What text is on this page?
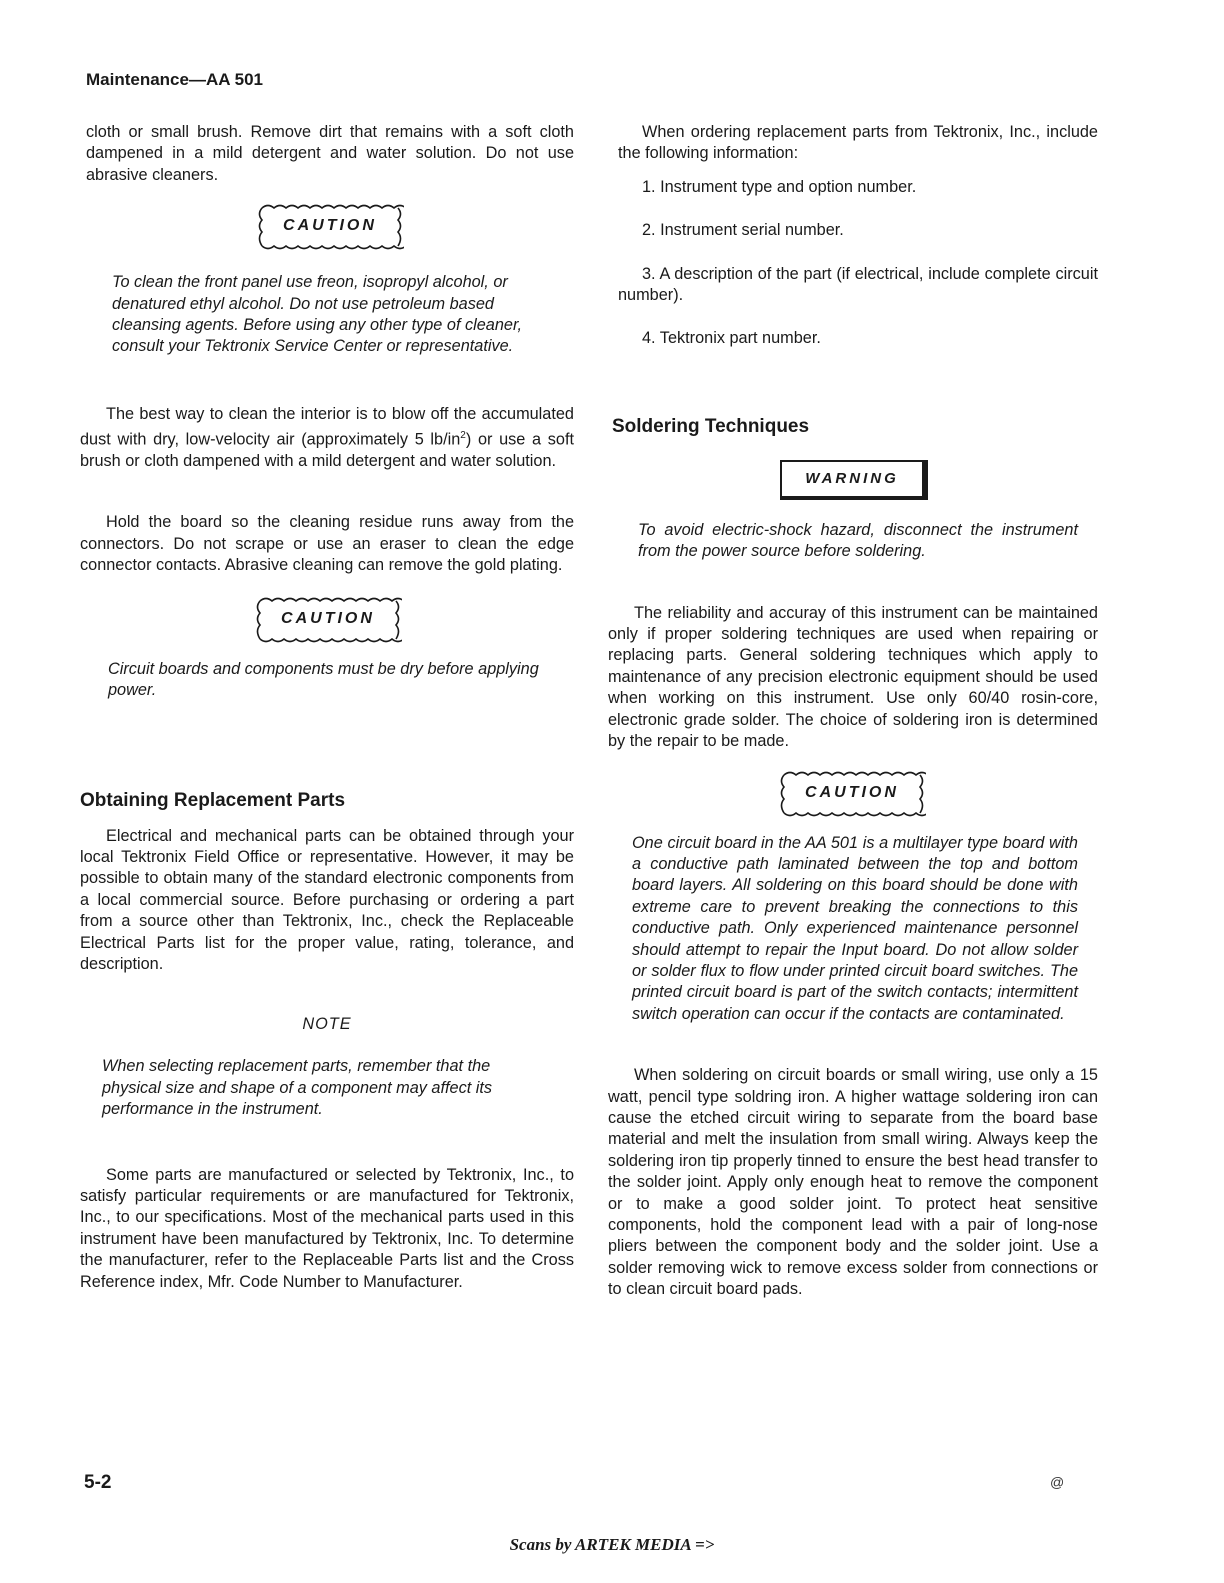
Maintenance—AA 501

cloth or small brush. Remove dirt that remains with a soft cloth dampened in a mild detergent and water solution. Do not use abrasive cleaners.

CAUTION

To clean the front panel use freon, isopropyl alcohol, or denatured ethyl alcohol. Do not use petroleum based cleansing agents. Before using any other type of cleaner, consult your Tektronix Service Center or representative.

The best way to clean the interior is to blow off the accumulated dust with dry, low-velocity air (approximately 5 $lb/in^2$) or use a soft brush or cloth dampened with a mild detergent and water solution.

Hold the board so the cleaning residue runs away from the connectors. Do not scrape or use an eraser to clean the edge connector contacts. Abrasive cleaning can remove the gold plating.

CAUTION

Circuit boards and components must be dry before applying power.

Obtaining Replacement Parts

Electrical and mechanical parts can be obtained through your local Tektronix Field Office or representative. However, it may be possible to obtain many of the standard electronic components from a local commercial source. Before purchasing or ordering a part from a source other than Tektronix, Inc., check the Replaceable Electrical Parts list for the proper value, rating, tolerance, and description.

NOTE

When selecting replacement parts, remember that the physical size and shape of a component may affect its performance in the instrument.

Some parts are manufactured or selected by Tektronix, Inc., to satisfy particular requirements or are manufactured for Tektronix, Inc., to our specifications. Most of the mechanical parts used in this instrument have been manufactured by Tektronix, Inc. To determine the manufacturer, refer to the Replaceable Parts list and the Cross Reference index, Mfr. Code Number to Manufacturer.

When ordering replacement parts from Tektronix, Inc., include the following information:

1. Instrument type and option number.

2. Instrument serial number.

3. A description of the part (if electrical, include complete circuit number).

4. Tektronix part number.

Soldering Techniques
WARNING

To avoid electric-shock hazard, disconnect the instrument from the power source before soldering.

The reliability and accuray of this instrument can be maintained only if proper soldering techniques are used when repairing or replacing parts. General soldering techniques which apply to maintenance of any precision electronic equipment should be used when working on this instrument. Use only 60/40 rosin-core, electronic grade solder. The choice of soldering iron is determined by the repair to be made.

CAUTION

One circuit board in the AA 501 is a multilayer type board with a conductive path laminated between the top and bottom board layers. All soldering on this board should be done with extreme care to prevent breaking the connections to this conductive path. Only experienced maintenance personnel should attempt to repair the Input board. Do not allow solder or solder flux to flow under printed circuit board switches. The printed circuit board is part of the switch contacts; intermittent switch operation can occur if the contacts are contaminated.

When soldering on circuit boards or small wiring, use only a 15 watt, pencil type soldring iron. A higher wattage soldering iron can cause the etched circuit wiring to separate from the board base material and melt the insulation from small wiring. Always keep the soldering iron tip properly tinned to ensure the best head transfer to the solder joint. Apply only enough heat to remove the component or to make a good solder joint. To protect heat sensitive components, hold the component lead with a pair of long-nose pliers between the component body and the solder joint. Use a solder removing wick to remove excess solder from connections or to clean circuit board pads.

5-2	@
Scans by ARTEK MEDIA =>
